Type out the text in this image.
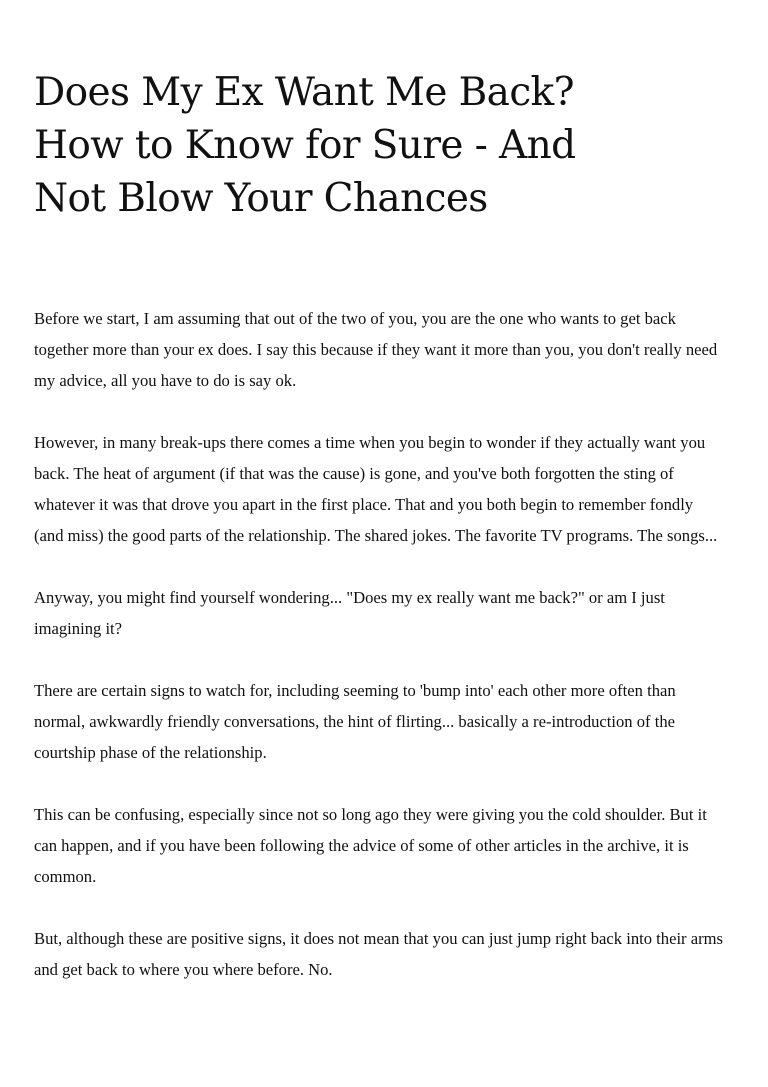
Does My Ex Want Me Back?
How to Know for Sure - And
Not Blow Your Chances

Before we start, I am assuming that out of the two of you, you are the one who wants to get back together more than your ex does. I say this because if they want it more than you, you don't really need my advice, all you have to do is say ok.

However, in many break-ups there comes a time when you begin to wonder if they actually want you back. The heat of argument (if that was the cause) is gone, and you've both forgotten the sting of whatever it was that drove you apart in the first place. That and you both begin to remember fondly (and miss) the good parts of the relationship. The shared jokes. The favorite TV programs. The songs...

Anyway, you might find yourself wondering... "Does my ex really want me back?" or am I just imagining it?

There are certain signs to watch for, including seeming to 'bump into' each other more often than normal, awkwardly friendly conversations, the hint of flirting... basically a re-introduction of the courtship phase of the relationship.

This can be confusing, especially since not so long ago they were giving you the cold shoulder. But it can happen, and if you have been following the advice of some of other articles in the archive, it is common.

But, although these are positive signs, it does not mean that you can just jump right back into their arms and get back to where you where before. No.
